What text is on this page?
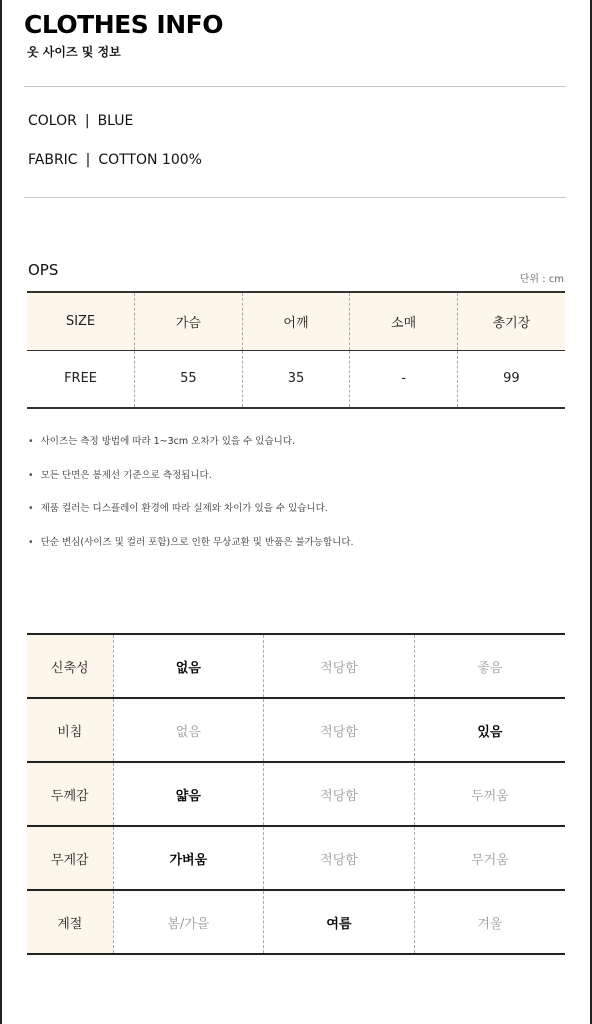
CLOTHES INFO
옷 사이즈 및 정보
COLOR | BLUE
FABRIC | COTTON 100%
OPS
단위 : cm
SIZE	가슴	어깨	소매	총기장
FREE	55	35	-	99
• 사이즈는 측정 방법에 따라 1~3cm 오차가 있을 수 있습니다.
• 모든 단면은 봉제선 기준으로 측정됩니다.
• 제품 컬러는 디스플레이 환경에 따라 실제와 차이가 있을 수 있습니다.
• 단순 변심(사이즈 및 컬러 포함)으로 인한 무상교환 및 반품은 불가능합니다.
신축성	없음	적당함	좋음
비침	없음	적당함	있음
두께감	얇음	적당함	두꺼움
무게감	가벼움	적당함	무거움
계절	봄/가을	여름	겨울
